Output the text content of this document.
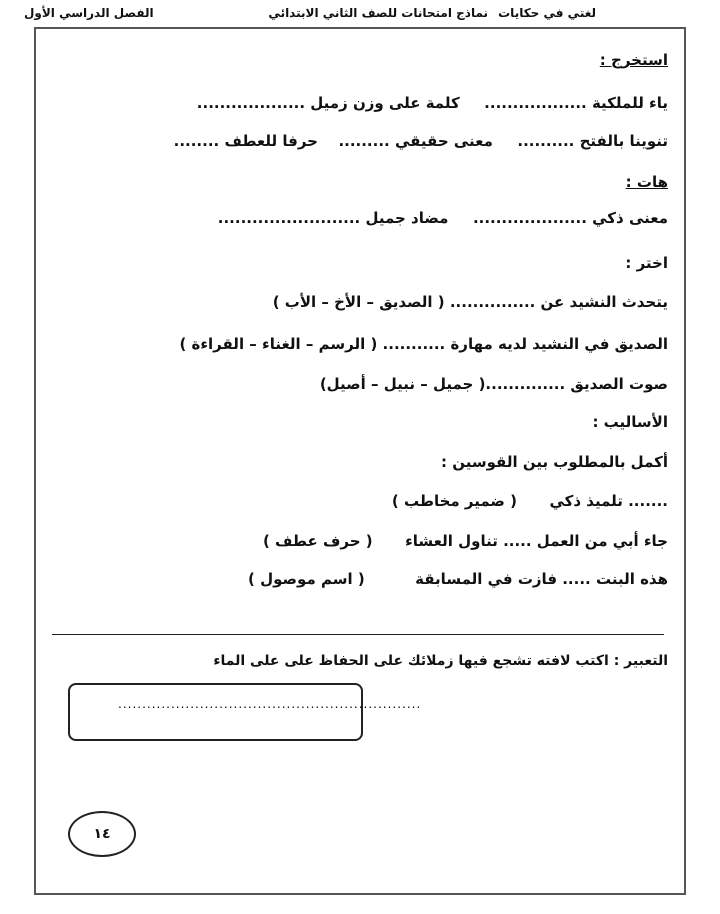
لغتي في حكايات
نماذج امتحانات للصف الثاني الابتدائي
الفصل الدراسي الأول
استخرج :
ياء للملكية ..................  كلمة على وزن زميل ...................
تنوينا بالفتح ..........  معنى حقيقي .........  حرفا للعطف ........
هات :
معنى ذكي ....................  مضاد جميل .........................
اختر :
يتحدث النشيد عن ............... ( الصديق – الأخ – الأب )
الصديق في النشيد لديه مهارة ........... ( الرسم – الغناء – القراءة )
صوت الصديق ..............( جميل – نبيل – أصيل)
الأساليب :
أكمل بالمطلوب بين القوسين :
....... تلميذ ذكي  ( ضمير مخاطب )
جاء أبي من العمل ..... تناول العشاء  ( حرف عطف )
هذه البنت ..... فازت في المسابقة  ( اسم موصول )
التعبير : اكتب لافته تشجع فيها زملائك على الحفاظ على على الماء
...............................................................
١٤
